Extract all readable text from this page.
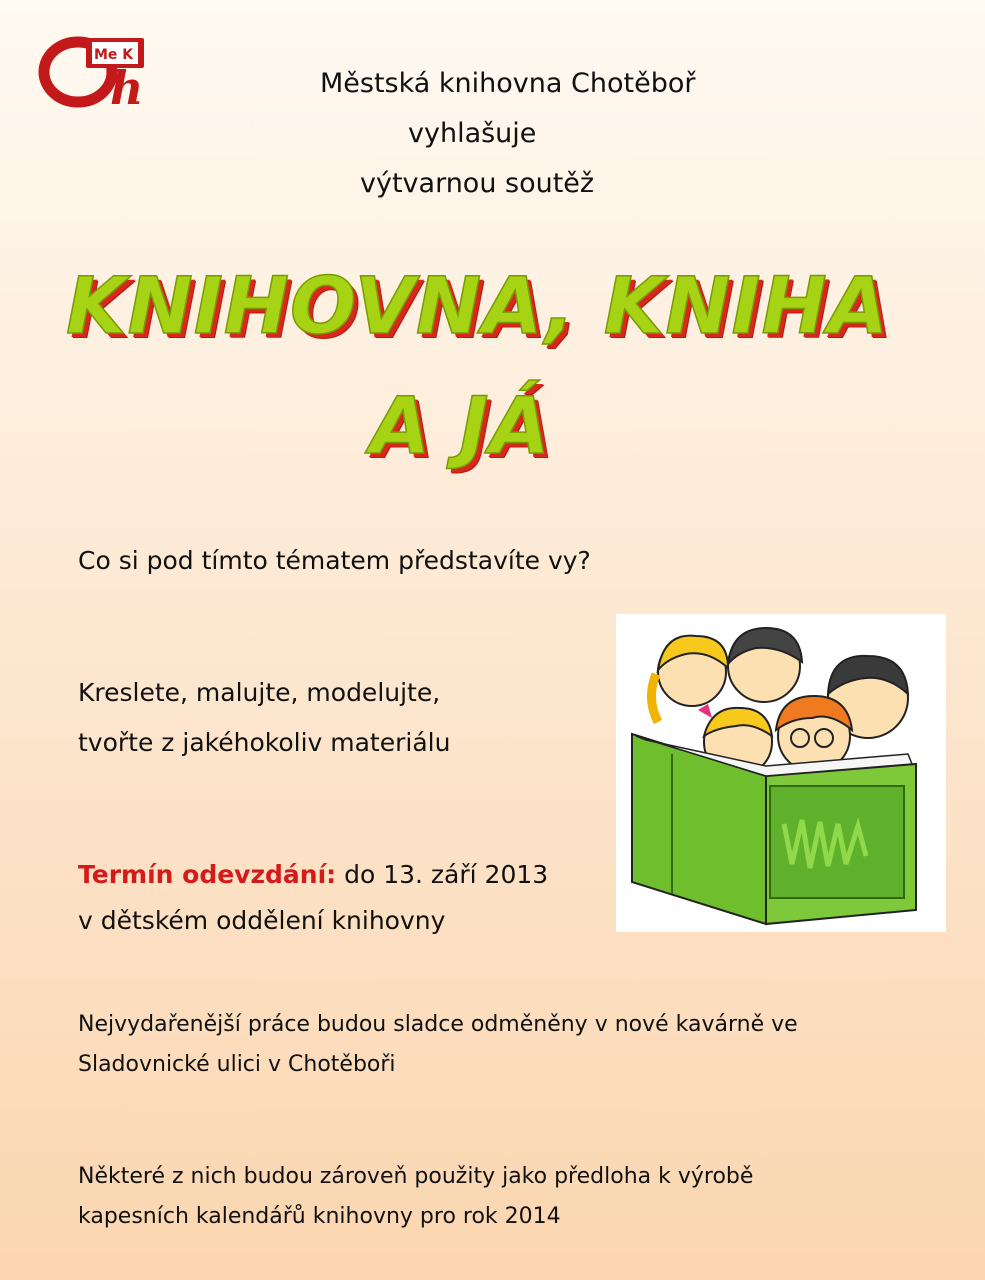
Me K
h	Městská knihovna Chotěboř
vyhlašuje
výtvarnou soutěž
KNIHOVNA, KNIHA
A JÁ
Co si pod tímto tématem představíte vy?
Kreslete, malujte, modelujte,
tvořte z jakéhokoliv materiálu
Termín odevzdání: do 13. září 2013
v dětském oddělení knihovny
Nejvydařenější práce budou sladce odměněny v nové kavárně ve
Sladovnické ulici v Chotěboři
Některé z nich budou zároveň použity jako předloha k výrobě
kapesních kalendářů knihovny pro rok 2014
